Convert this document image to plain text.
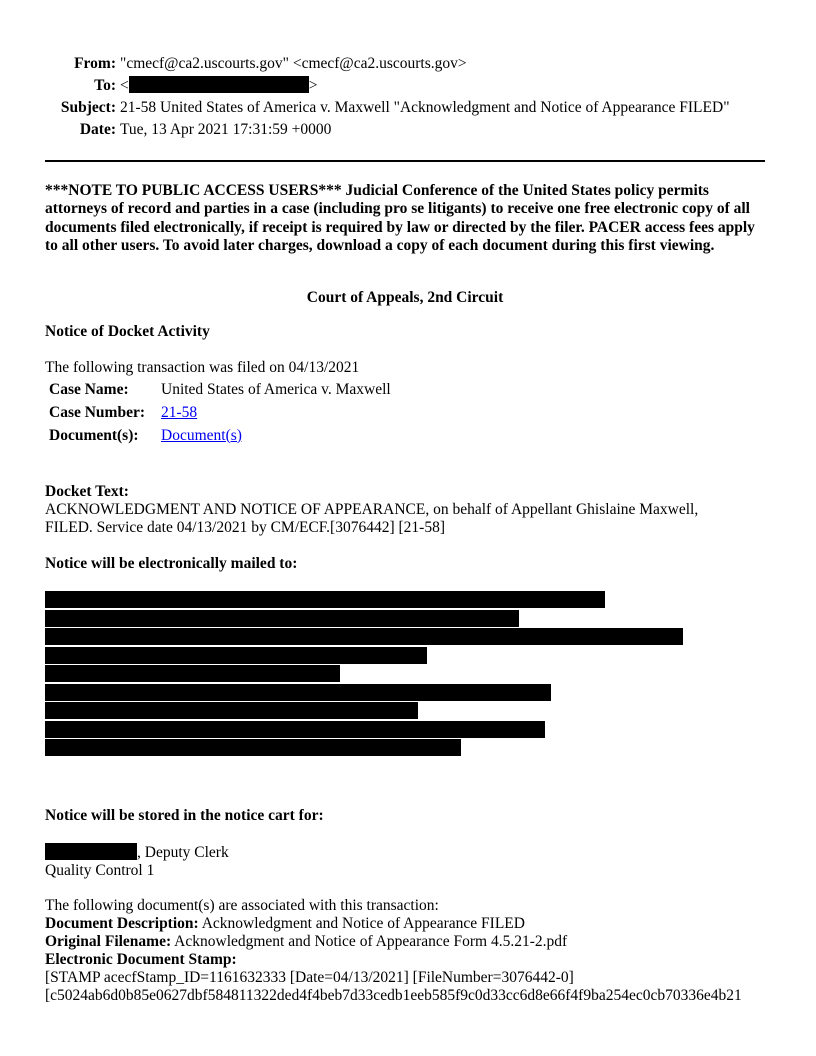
From: "cmecf@ca2.uscourts.gov" <cmecf@ca2.uscourts.gov>
To: <	>
Subject: 21-58 United States of America v. Maxwell "Acknowledgment and Notice of Appearance FILED"
Date: Tue, 13 Apr 2021 17:31:59 +0000
***NOTE TO PUBLIC ACCESS USERS*** Judicial Conference of the United States policy permits attorneys of record and parties in a case (including pro se litigants) to receive one free electronic copy of all documents filed electronically, if receipt is required by law or directed by the filer. PACER access fees apply to all other users. To avoid later charges, download a copy of each document during this first viewing.
Court of Appeals, 2nd Circuit
Notice of Docket Activity
The following transaction was filed on 04/13/2021
Case Name:	United States of America v. Maxwell
Case Number:	21-58
Document(s):	Document(s)
Docket Text:
ACKNOWLEDGMENT AND NOTICE OF APPEARANCE, on behalf of Appellant Ghislaine Maxwell,
FILED. Service date 04/13/2021 by CM/ECF.[3076442] [21-58]
Notice will be electronically mailed to:
Notice will be stored in the notice cart for:
, Deputy Clerk
Quality Control 1
The following document(s) are associated with this transaction:
Document Description: Acknowledgment and Notice of Appearance FILED
Original Filename: Acknowledgment and Notice of Appearance Form 4.5.21-2.pdf
Electronic Document Stamp:
[STAMP acecfStamp_ID=1161632333 [Date=04/13/2021] [FileNumber=3076442-0]
[c5024ab6d0b85e0627dbf584811322ded4f4beb7d33cedb1eeb585f9c0d33cc6d8e66f4f9ba254ec0cb70336e4b21
